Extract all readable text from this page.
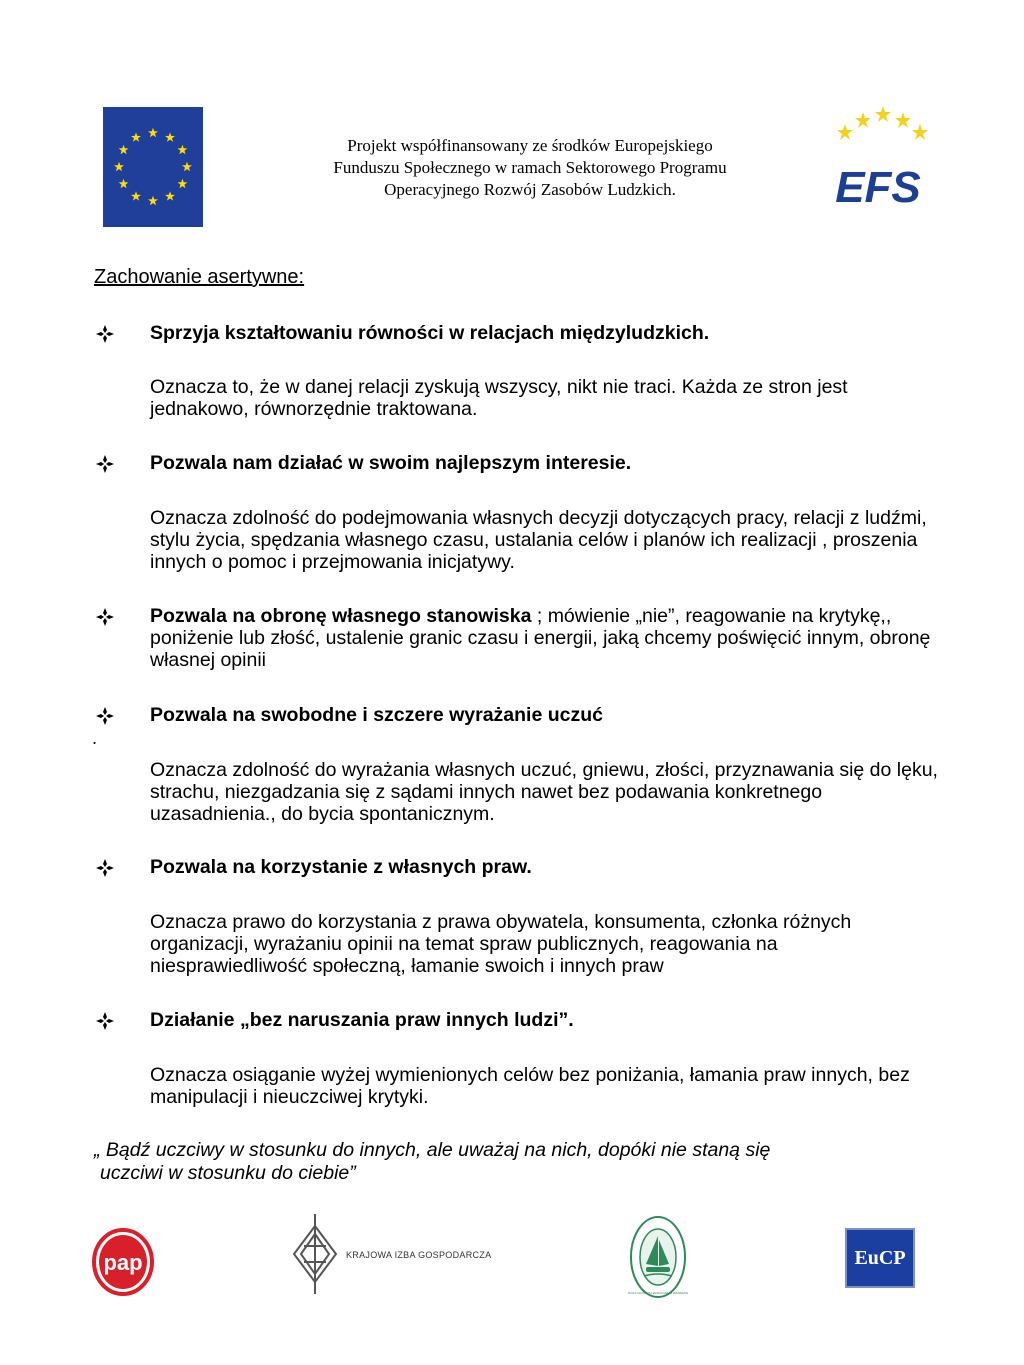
Projekt współfinansowany ze środków Europejskiego
Funduszu Społecznego w ramach Sektorowego Programu
Operacyjnego Rozwój Zasobów Ludzkich.	EFS
Zachowanie asertywne:
Sprzyja kształtowaniu równości w relacjach międzyludzkich.

Oznacza to, że w danej relacji zyskują wszyscy, nikt nie traci. Każda ze stron jest jednakowo, równorzędnie traktowana.

Pozwala nam działać w swoim najlepszym interesie.

Oznacza zdolność do podejmowania własnych decyzji dotyczących pracy, relacji z ludźmi, stylu życia, spędzania własnego czasu, ustalania celów i planów ich realizacji , proszenia innych o pomoc i przejmowania inicjatywy.

Pozwala na obronę własnego stanowiska ; mówienie „nie”, reagowanie na krytykę,, poniżenie lub złość, ustalenie granic czasu i energii, jaką chcemy poświęcić innym, obronę własnej opinii
Pozwala na swobodne i szczere wyrażanie uczuć
.

Oznacza zdolność do wyrażania własnych uczuć, gniewu, złości, przyznawania się do lęku, strachu, niezgadzania się z sądami innych nawet bez podawania konkretnego uzasadnienia., do bycia spontanicznym.

Pozwala na korzystanie z własnych praw.

Oznacza prawo do korzystania z prawa obywatela, konsumenta, członka różnych organizacji, wyrażaniu opinii na temat spraw publicznych, reagowania na niesprawiedliwość społeczną, łamanie swoich i innych praw

Działanie „bez naruszania praw innych ludzi”.

Oznacza osiąganie wyżej wymienionych celów bez poniżania, łamania praw innych, bez manipulacji i nieuczciwej krytyki.

„ Bądź uczciwy w stosunku do innych, ale uważaj na nich, dopóki nie staną się
uczciwi w stosunku do ciebie”
pap	KRAJOWA IZBA GOSPODARCZA
SZKOŁA GŁÓWNA HANDLOWA W WARSZAWIE
EuCP
